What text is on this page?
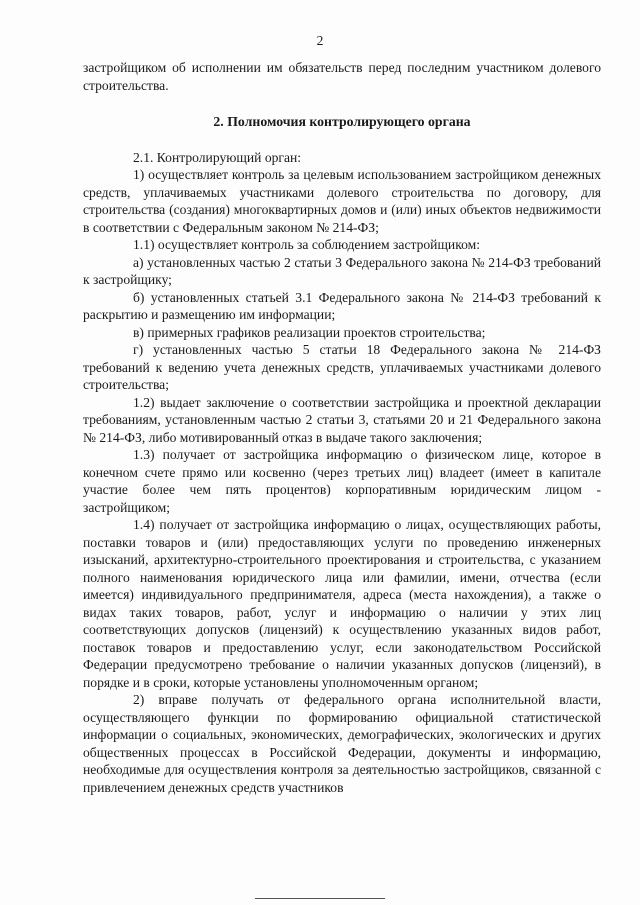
2

застройщиком об исполнении им обязательств перед последним участником долевого строительства.

2. Полномочия контролирующего органа

2.1. Контролирующий орган:

1) осуществляет контроль за целевым использованием застройщиком денежных средств, уплачиваемых участниками долевого строительства по договору, для строительства (создания) многоквартирных домов и (или) иных объектов недвижимости в соответствии с Федеральным законом № 214-ФЗ;

1.1) осуществляет контроль за соблюдением застройщиком:

а) установленных частью 2 статьи 3 Федерального закона № 214-ФЗ требований к застройщику;

б) установленных статьей 3.1 Федерального закона № 214-ФЗ требований к раскрытию и размещению им информации;

в) примерных графиков реализации проектов строительства;

г) установленных частью 5 статьи 18 Федерального закона № 214-ФЗ требований к ведению учета денежных средств, уплачиваемых участниками долевого строительства;

1.2) выдает заключение о соответствии застройщика и проектной декларации требованиям, установленным частью 2 статьи 3, статьями 20 и 21 Федерального закона № 214-ФЗ, либо мотивированный отказ в выдаче такого заключения;

1.3) получает от застройщика информацию о физическом лице, которое в конечном счете прямо или косвенно (через третьих лиц) владеет (имеет в капитале участие более чем пять процентов) корпоративным юридическим лицом - застройщиком;

1.4) получает от застройщика информацию о лицах, осуществляющих работы, поставки товаров и (или) предоставляющих услуги по проведению инженерных изысканий, архитектурно-строительного проектирования и строительства, с указанием полного наименования юридического лица или фамилии, имени, отчества (если имеется) индивидуального предпринимателя, адреса (места нахождения), а также о видах таких товаров, работ, услуг и информацию о наличии у этих лиц соответствующих допусков (лицензий) к осуществлению указанных видов работ, поставок товаров и предоставлению услуг, если законодательством Российской Федерации предусмотрено требование о наличии указанных допусков (лицензий), в порядке и в сроки, которые установлены уполномоченным органом;

2) вправе получать от федерального органа исполнительной власти, осуществляющего функции по формированию официальной статистической информации о социальных, экономических, демографических, экологических и других общественных процессах в Российской Федерации, документы и информацию, необходимые для осуществления контроля за деятельностью застройщиков, связанной с привлечением денежных средств участников
